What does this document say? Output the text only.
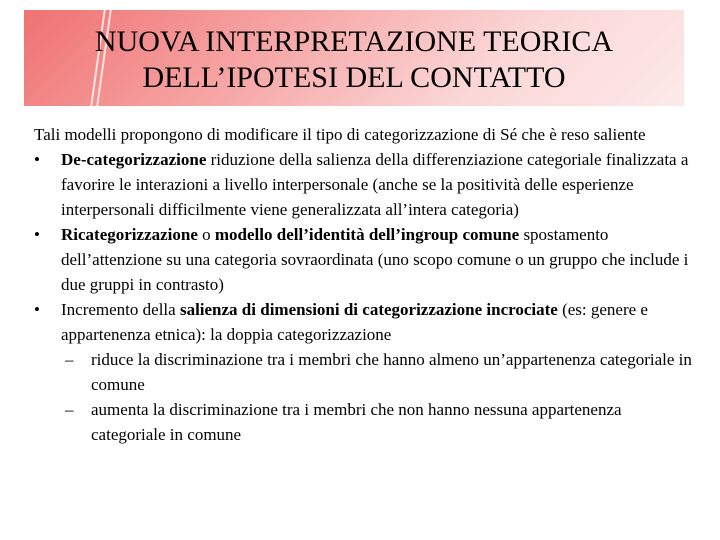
NUOVA INTERPRETAZIONE TEORICA
DELL’IPOTESI DEL CONTATTO

Tali modelli propongono di modificare il tipo di categorizzazione di Sé che è reso saliente

• De-categorizzazione riduzione della salienza della differenziazione categoriale finalizzata a favorire le interazioni a livello interpersonale (anche se la positività delle esperienze interpersonali difficilmente viene generalizzata all’intera categoria)
• Ricategorizzazione o modello dell’identità dell’ingroup comune spostamento dell’attenzione su una categoria sovraordinata (uno scopo comune o un gruppo che include i due gruppi in contrasto)
• Incremento della salienza di dimensioni di categorizzazione incrociate (es: genere e appartenenza etnica): la doppia categorizzazione
– riduce la discriminazione tra i membri che hanno almeno un’appartenenza categoriale in comune
– aumenta la discriminazione tra i membri che non hanno nessuna appartenenza categoriale in comune
